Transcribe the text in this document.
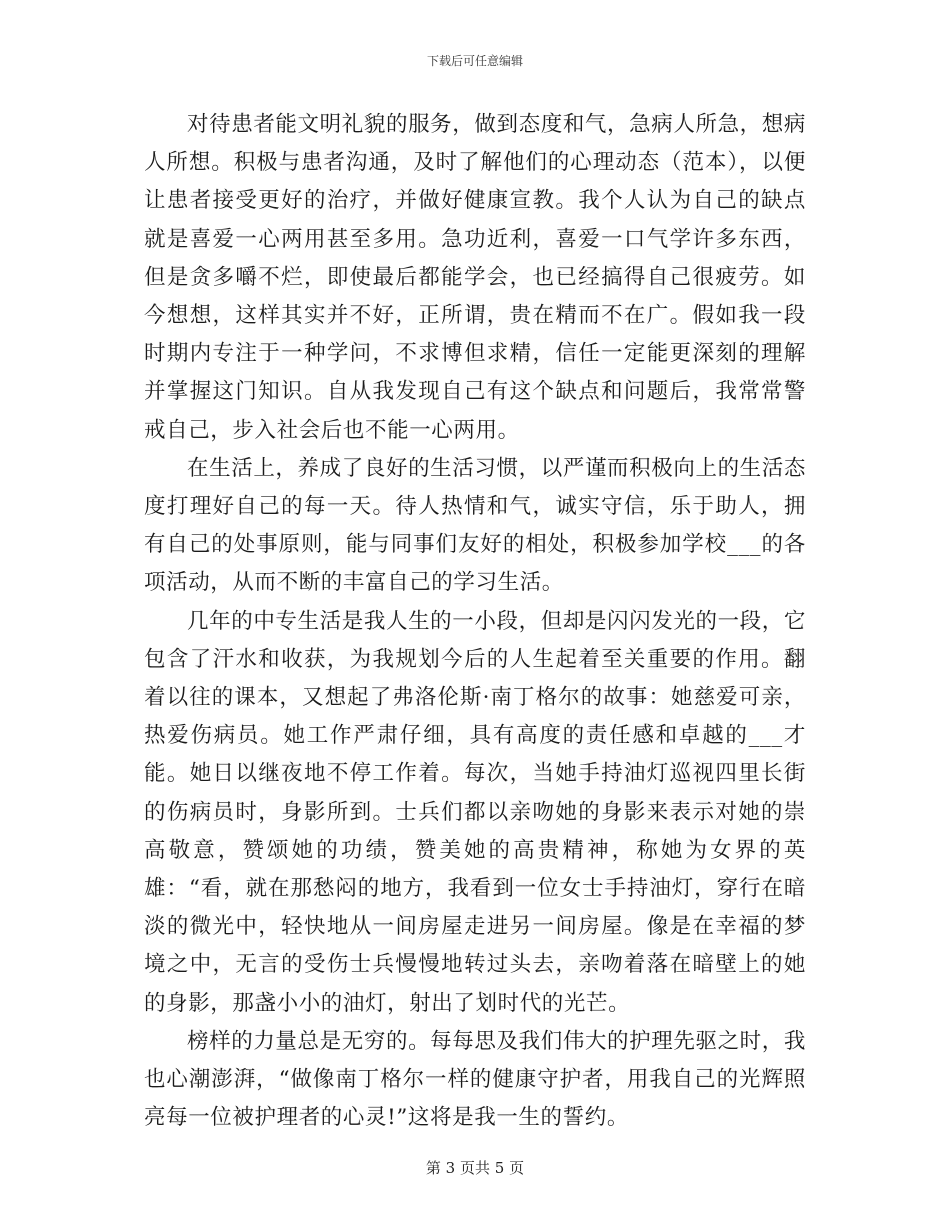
下载后可任意编辑

对待患者能文明礼貌的服务，做到态度和气，急病人所急，想病人所想。积极与患者沟通，及时了解他们的心理动态（范本），以便让患者接受更好的治疗，并做好健康宣教。我个人认为自己的缺点就是喜爱一心两用甚至多用。急功近利，喜爱一口气学许多东西，但是贪多嚼不烂，即使最后都能学会，也已经搞得自己很疲劳。如今想想，这样其实并不好，正所谓，贵在精而不在广。假如我一段时期内专注于一种学问，不求博但求精，信任一定能更深刻的理解并掌握这门知识。自从我发现自己有这个缺点和问题后，我常常警戒自己，步入社会后也不能一心两用。

在生活上，养成了良好的生活习惯，以严谨而积极向上的生活态度打理好自己的每一天。待人热情和气，诚实守信，乐于助人，拥有自己的处事原则，能与同事们友好的相处，积极参加学校___的各项活动，从而不断的丰富自己的学习生活。

几年的中专生活是我人生的一小段，但却是闪闪发光的一段，它包含了汗水和收获，为我规划今后的人生起着至关重要的作用。翻着以往的课本，又想起了弗洛伦斯·南丁格尔的故事：她慈爱可亲，热爱伤病员。她工作严肃仔细，具有高度的责任感和卓越的___才能。她日以继夜地不停工作着。每次，当她手持油灯巡视四里长街的伤病员时，身影所到。士兵们都以亲吻她的身影来表示对她的崇高敬意，赞颂她的功绩，赞美她的高贵精神，称她为女界的英雄：“看，就在那愁闷的地方，我看到一位女士手持油灯，穿行在暗淡的微光中，轻快地从一间房屋走进另一间房屋。像是在幸福的梦境之中，无言的受伤士兵慢慢地转过头去，亲吻着落在暗壁上的她的身影，那盏小小的油灯，射出了划时代的光芒。

榜样的力量总是无穷的。每每思及我们伟大的护理先驱之时，我也心潮澎湃，“做像南丁格尔一样的健康守护者，用我自己的光辉照亮每一位被护理者的心灵!”这将是我一生的誓约。

第 3 页共 5 页
